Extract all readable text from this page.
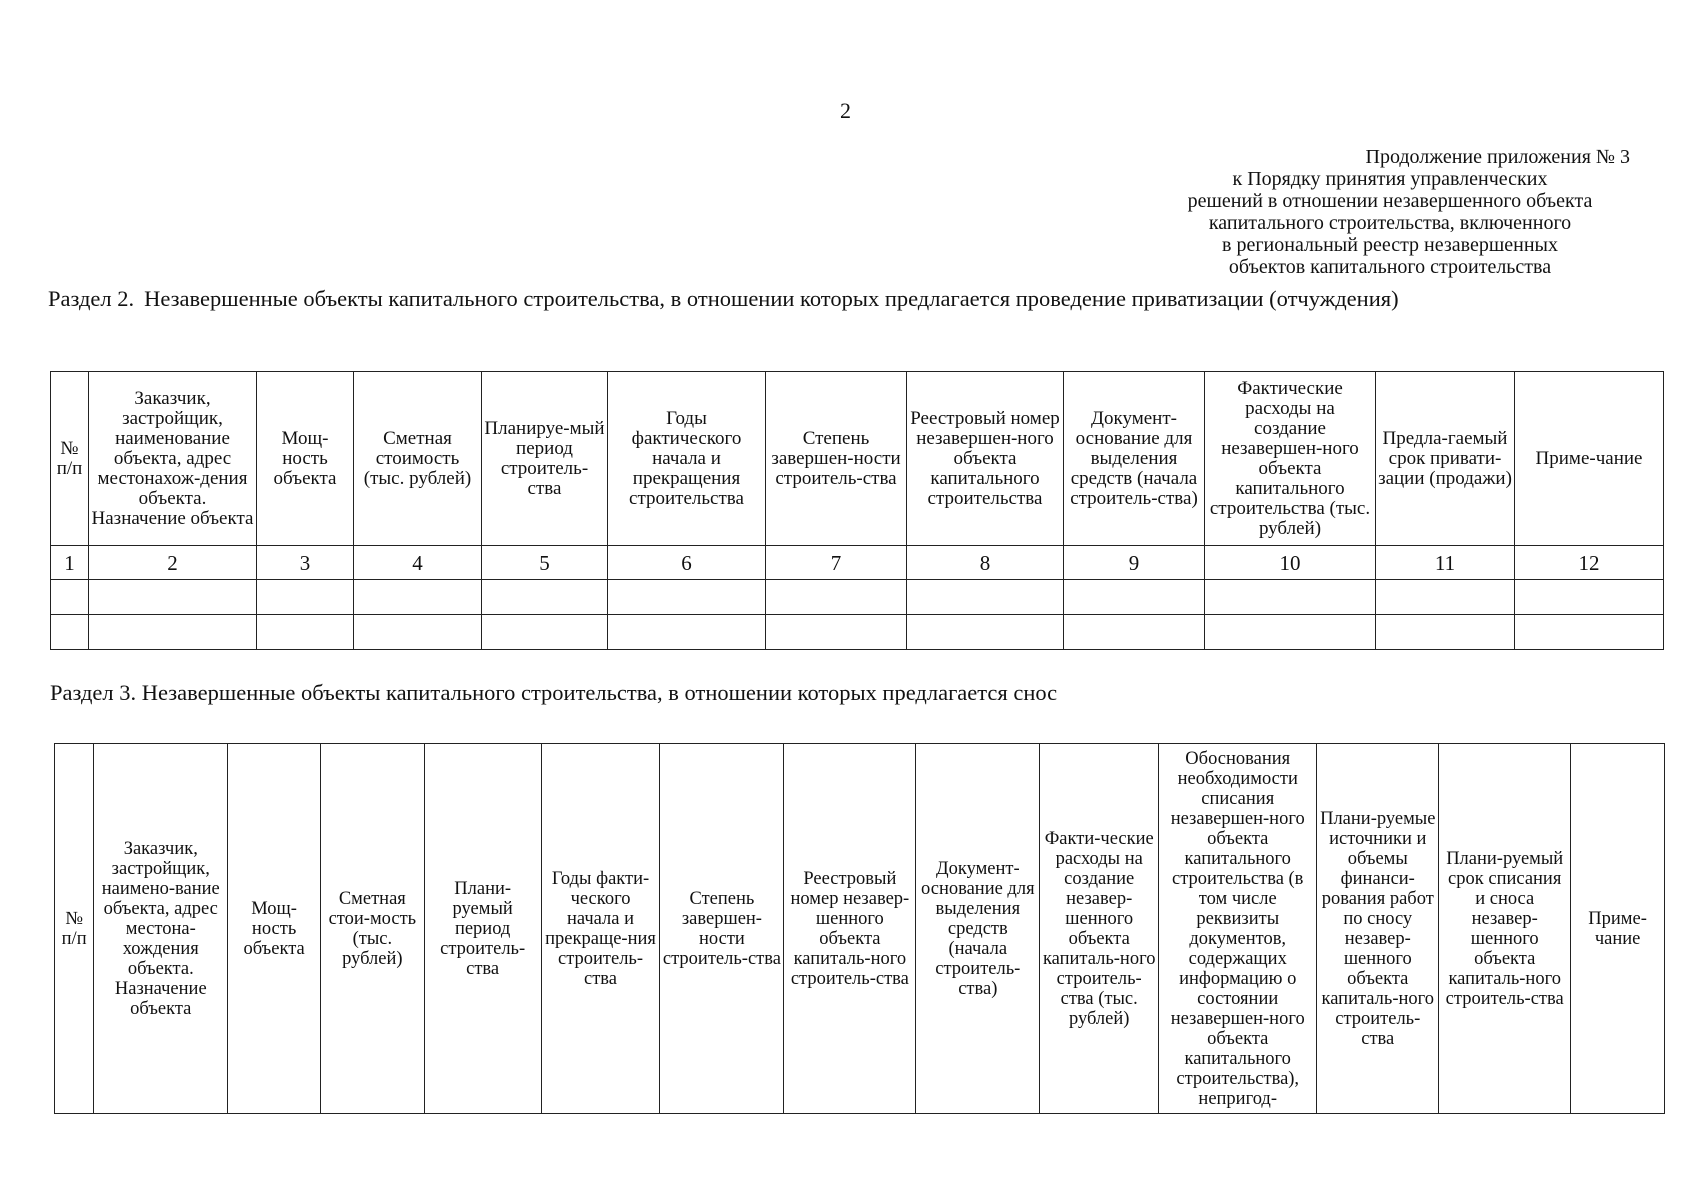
2
Продолжение приложения № 3
к Порядку принятия управленческих
решений в отношении незавершенного объекта
капитального строительства, включенного
в региональный реестр незавершенных
объектов капитального строительства
Раздел 2. Незавершенные объекты капитального строительства, в отношении которых предлагается проведение приватизации (отчуждения)
№ п/п	Заказчик, застройщик, наименование объекта, адрес местонахож-дения объекта. Назначение объекта	Мощ-ность объекта	Сметная стоимость (тыс. рублей)	Планируе-мый период строитель-ства	Годы фактического начала и прекращения строительства	Степень завершен-ности строитель-ства	Реестровый номер незавершен-ного объекта капитального строительства	Документ-основание для выделения средств (начала строитель-ства)	Фактические расходы на создание незавершен-ного объекта капитального строительства (тыс. рублей)	Предла-гаемый срок привати-зации (продажи)	Приме-чание
1	2	3	4	5	6	7	8	9	10	11	12

Раздел 3. Незавершенные объекты капитального строительства, в отношении которых предлагается снос
№ п/п	Заказчик, застройщик, наимено-вание объекта, адрес местона-хождения объекта. Назначение объекта	Мощ-ность объекта	Сметная стои-мость (тыс. рублей)	Плани-руемый период строитель-ства	Годы факти-ческого начала и прекраще-ния строитель-ства	Степень завершен-ности строитель-ства	Реестровый номер незавер-шенного объекта капиталь-ного строитель-ства	Документ-основание для выделения средств (начала строитель-ства)	Факти-ческие расходы на создание незавер-шенного объекта капиталь-ного строитель-ства (тыс. рублей)	Обоснования необходимости списания незавершен-ного объекта капитального строительства (в том числе реквизиты документов, содержащих информацию о состоянии незавершен-ного объекта капитального строительства), непригод-	Плани-руемые источники и объемы финанси-рования работ по сносу незавер-шенного объекта капиталь-ного строитель-ства	Плани-руемый срок списания и сноса незавер-шенного объекта капиталь-ного строитель-ства	Приме-чание
